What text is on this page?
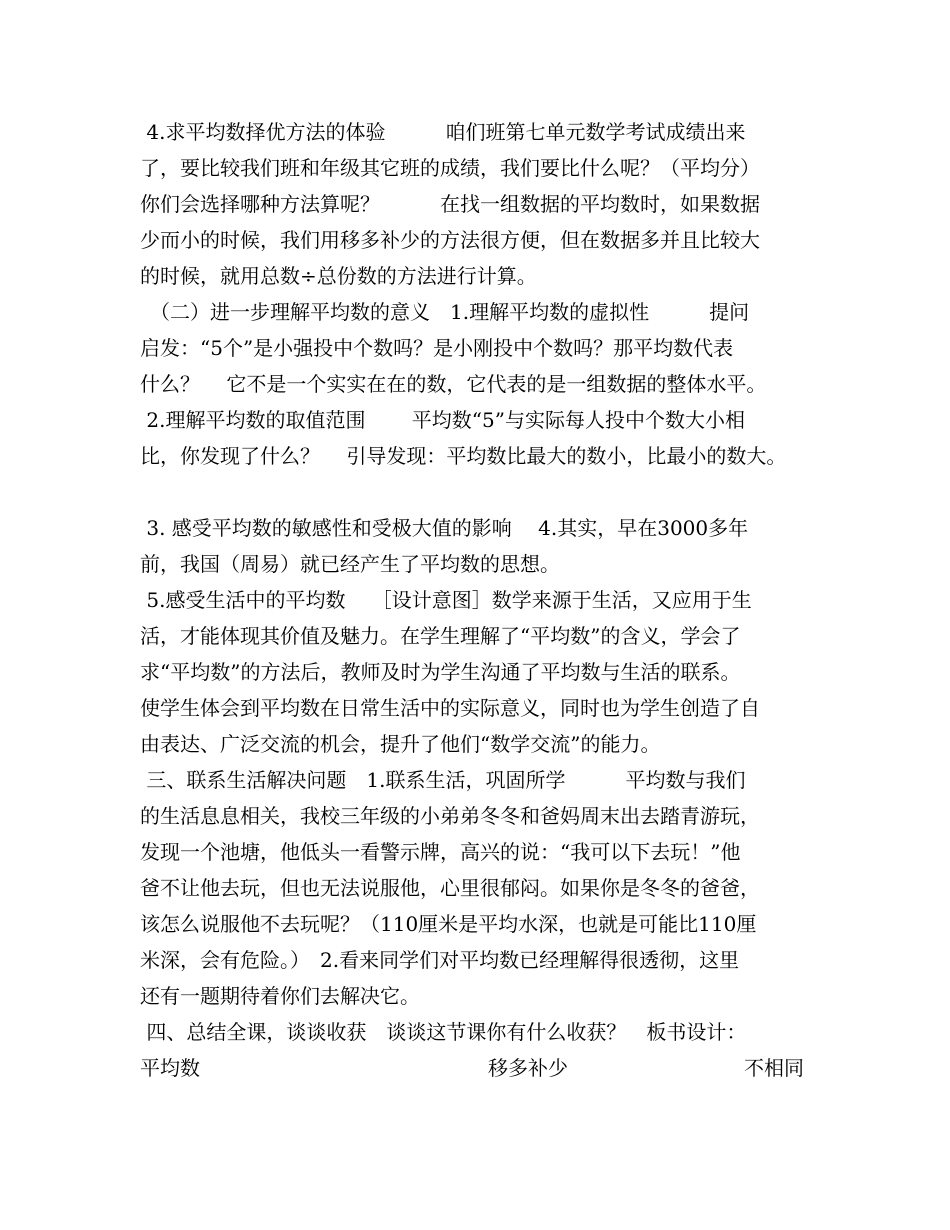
4.求平均数择优方法的体验　　　咱们班第七单元数学考试成绩出来
了，要比较我们班和年级其它班的成绩，我们要比什么呢？（平均分）
你们会选择哪种方法算呢？　　　在找一组数据的平均数时，如果数据
少而小的时候，我们用移多补少的方法很方便，但在数据多并且比较大
的时候，就用总数÷总份数的方法进行计算。
　（二）进一步理解平均数的意义　1.理解平均数的虚拟性　　　提问
启发：“5个”是小强投中个数吗？是小刚投中个数吗？那平均数代表
什么？　 它不是一个实实在在的数，它代表的是一组数据的整体水平。
2.理解平均数的取值范围　　 平均数“5”与实际每人投中个数大小相
比，你发现了什么？　 引导发现：平均数比最大的数小，比最小的数大。
3. 感受平均数的敏感性和受极大值的影响　 4.其实，早在3000多年
前，我国（周易）就已经产生了平均数的思想。
5.感受生活中的平均数　 ［设计意图］数学来源于生活，又应用于生
活，才能体现其价值及魅力。在学生理解了“平均数”的含义，学会了
求“平均数”的方法后，教师及时为学生沟通了平均数与生活的联系。
使学生体会到平均数在日常生活中的实际意义，同时也为学生创造了自
由表达、广泛交流的机会，提升了他们“数学交流”的能力。
三、联系生活解决问题　1.联系生活，巩固所学　　　平均数与我们
的生活息息相关，我校三年级的小弟弟冬冬和爸妈周末出去踏青游玩，
发现一个池塘，他低头一看警示牌，高兴的说：“我可以下去玩！”他
爸不让他去玩，但也无法说服他，心里很郁闷。如果你是冬冬的爸爸，
该怎么说服他不去玩呢？（110厘米是平均水深，也就是可能比110厘
米深，会有危险。）　2.看来同学们对平均数已经理解得很透彻，这里
还有一题期待着你们去解决它。
四、总结全课，谈谈收获　谈谈这节课你有什么收获？　板书设计：
平均数	移多补少	不相同
